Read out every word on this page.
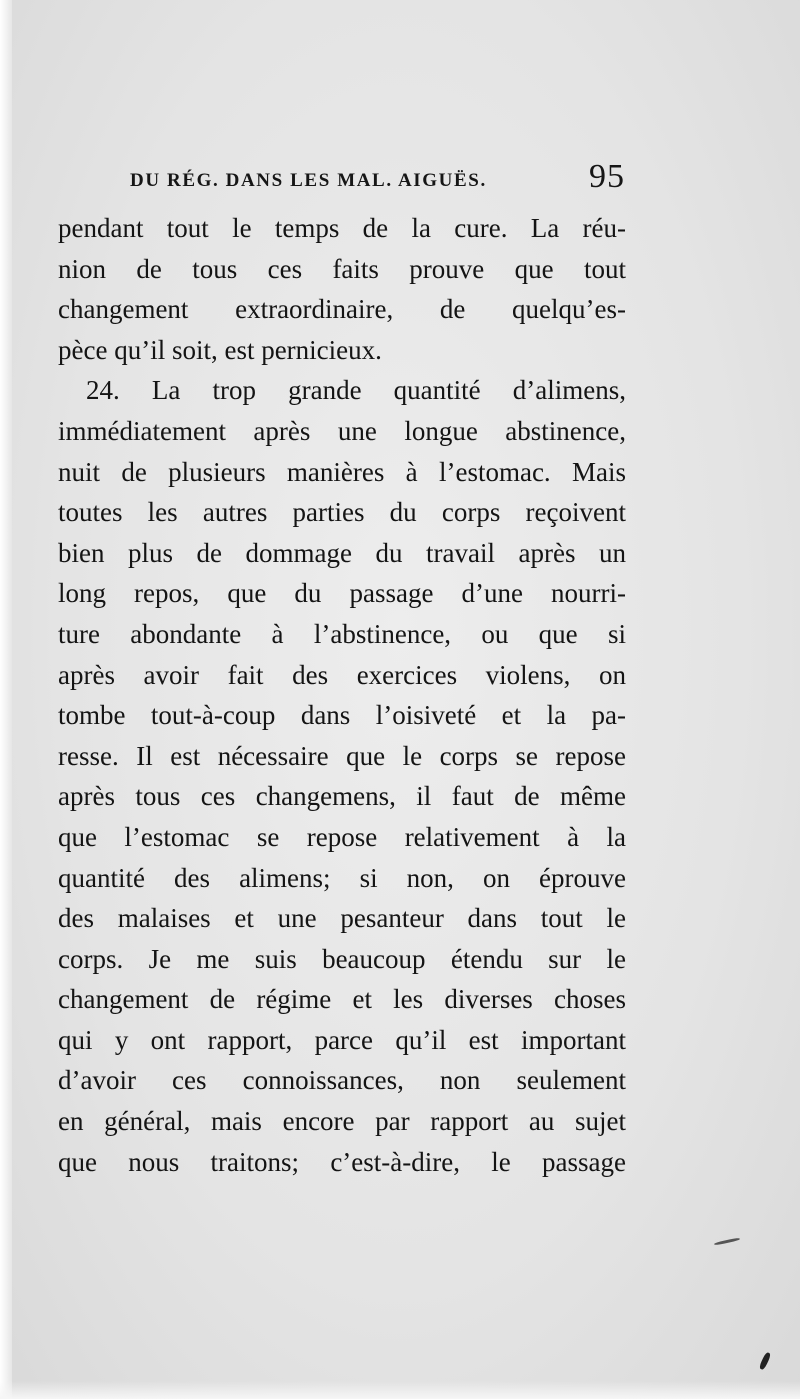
DU RÉG. DANS LES MAL. AIGUËS.	95
pendant tout le temps de la cure. La réu-
nion de tous ces faits prouve que tout
changement extraordinaire, de quelqu’es-
pèce qu’il soit, est pernicieux.
24. La trop grande quantité d’alimens,
immédiatement après une longue abstinence,
nuit de plusieurs manières à l’estomac. Mais
toutes les autres parties du corps reçoivent
bien plus de dommage du travail après un
long repos, que du passage d’une nourri-
ture abondante à l’abstinence, ou que si
après avoir fait des exercices violens, on
tombe tout-à-coup dans l’oisiveté et la pa-
resse. Il est nécessaire que le corps se repose
après tous ces changemens, il faut de même
que l’estomac se repose relativement à la
quantité des alimens; si non, on éprouve
des malaises et une pesanteur dans tout le
corps. Je me suis beaucoup étendu sur le
changement de régime et les diverses choses
qui y ont rapport, parce qu’il est important
d’avoir ces connoissances, non seulement
en général, mais encore par rapport au sujet
que nous traitons; c’est-à-dire, le passage
